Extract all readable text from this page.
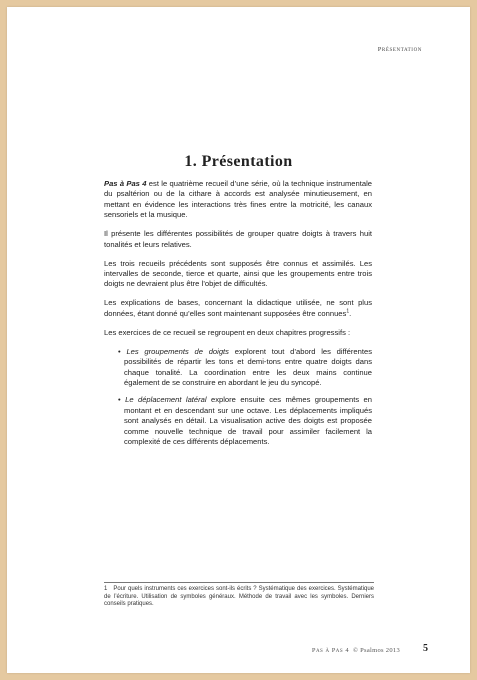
Présentation
1. Présentation

Pas à Pas 4 est le quatrième recueil d’une série, où la technique instrumentale du psaltérion ou de la cithare à accords est analysée minutieusement, en mettant en évidence les interactions très fines entre la motricité, les canaux sensoriels et la musique.

Il présente les différentes possibilités de grouper quatre doigts à travers huit tonalités et leurs relatives.

Les trois recueils précédents sont supposés être connus et assimilés. Les intervalles de seconde, tierce et quarte, ainsi que les groupements entre trois doigts ne devraient plus être l’objet de difficultés.

Les explications de bases, concernant la didactique utilisée, ne sont plus données, étant donné qu’elles sont maintenant supposées être connues$^1$.

Les exercices de ce recueil se regroupent en deux chapitres progressifs :

• Les groupements de doigts explorent tout d’abord les différentes possibilités de répartir les tons et demi-tons entre quatre doigts dans chaque tonalité. La coordination entre les deux mains continue également de se construire en abordant le jeu du syncopé.
• Le déplacement latéral explore ensuite ces mêmes groupements en montant et en descendant sur une octave. Les déplacements impliqués sont analysés en détail. La visualisation active des doigts est proposée comme nouvelle technique de travail pour assimiler facilement la complexité de ces différents déplacements.
1 Pour quels instruments ces exercices sont-ils écrits ? Systématique des exercices. Systématique de l’écriture. Utilisation de symboles généraux. Méthode de travail avec les symboles. Derniers conseils pratiques.
Pas à Pas 4 © Psalmos 2013 5
